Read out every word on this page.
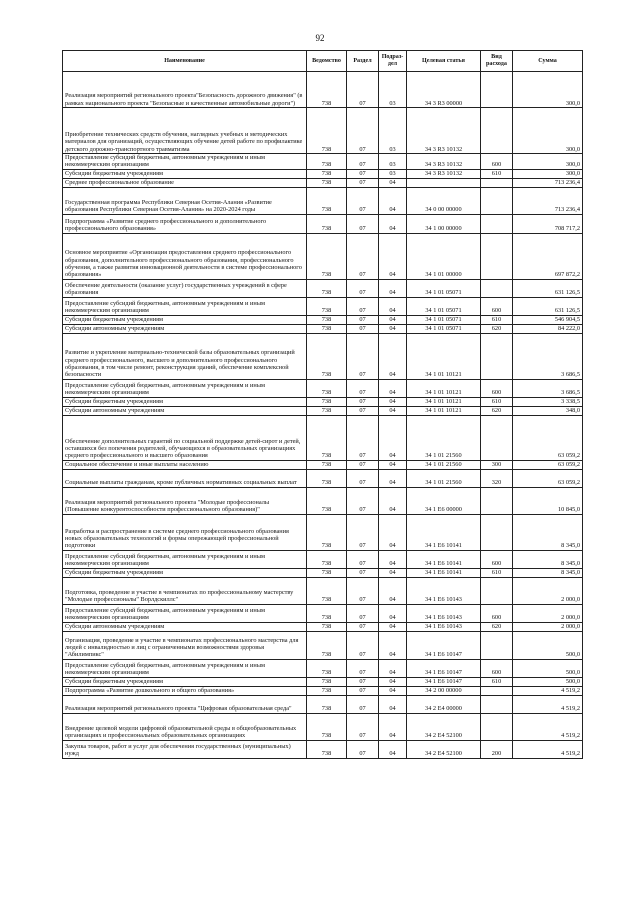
92
Наименование	Ведомство	Раздел	Подраз-дел	Целевая статья	Вид расхода	Сумма
Реализация мероприятий регионального проекта"Безопасность дорожного движения" (в рамках национального проекта "Безопасные и качественные автомобильные дороги")	738	07	03	34 3 R3 00000		300,0
Приобретение технических средств обучения, наглядных учебных и методических материалов для организаций, осуществляющих обучение детей работе по профилактике детского дорожно-транспортного травматизма	738	07	03	34 3 R3 10132		300,0
Предоставление субсидий бюджетным, автономным учреждениям и иным некоммерческим организациям	738	07	03	34 3 R3 10132	600	300,0
Субсидии бюджетным учреждениям	738	07	03	34 3 R3 10132	610	300,0
Среднее профессиональное образование	738	07	04			713 236,4
Государственная программа Республики Северная Осетия-Алания «Развитие образования Республики Северная Осетия-Алания» на 2020-2024 годы	738	07	04	34 0 00 00000		713 236,4
Подпрограмма «Развитие среднего профессионального и дополнительного профессионального образования»	738	07	04	34 1 00 00000		708 717,2
Основное мероприятие «Организация предоставления среднего профессионального образования, дополнительного профессионального образования, профессионального обучения, а также развития инновационной деятельности в системе профессионального образования»	738	07	04	34 1 01 00000		697 872,2
Обеспечение деятельности (оказание услуг) государственных учреждений в сфере образования	738	07	04	34 1 01 05071		631 126,5
Предоставление субсидий бюджетным, автономным учреждениям и иным некоммерческим организациям	738	07	04	34 1 01 05071	600	631 126,5
Субсидии бюджетным учреждениям	738	07	04	34 1 01 05071	610	546 904,5
Субсидии автономным учреждениям	738	07	04	34 1 01 05071	620	84 222,0
Развитие и укрепление материально-технической базы образовательных организаций среднего профессионального, высшего и дополнительного профессионального образования, в том числе ремонт, реконструкция зданий, обеспечение комплексной безопасности	738	07	04	34 1 01 10121		3 686,5
Предоставление субсидий бюджетным, автономным учреждениям и иным некоммерческим организациям	738	07	04	34 1 01 10121	600	3 686,5
Субсидии бюджетным учреждениям	738	07	04	34 1 01 10121	610	3 338,5
Субсидии автономным учреждениям	738	07	04	34 1 01 10121	620	348,0
Обеспечение дополнительных гарантий по социальной поддержке детей-сирот и детей, оставшихся без попечения родителей, обучающихся в образовательных организациях среднего профессионального и высшего образования	738	07	04	34 1 01 21560		63 059,2
Социальное обеспечение и иные выплаты населению	738	07	04	34 1 01 21560	300	63 059,2
Социальные выплаты гражданам, кроме публичных нормативных социальных выплат	738	07	04	34 1 01 21560	320	63 059,2
Реализация мероприятий регионального проекта "Молодые профессионалы (Повышение конкурентоспособности профессионального образования)"	738	07	04	34 1 E6 00000		10 845,0
Разработка и распространение в системе среднего профессионального образования новых образовательных технологий и формы опережающей профессиональной подготовки	738	07	04	34 1 E6 10141		8 345,0
Предоставление субсидий бюджетным, автономным учреждениям и иным некоммерческим организациям	738	07	04	34 1 E6 10141	600	8 345,0
Субсидии бюджетным учреждениям	738	07	04	34 1 E6 10141	610	8 345,0
Подготовка, проведение и участие в чемпионатах по профессиональному мастерству "Молодые профессионалы" Ворлдскиллс"	738	07	04	34 1 E6 10143		2 000,0
Предоставление субсидий бюджетным, автономным учреждениям и иным некоммерческим организациям	738	07	04	34 1 E6 10143	600	2 000,0
Субсидии автономным учреждениям	738	07	04	34 1 E6 10143	620	2 000,0
Организация, проведение и участие в чемпионатах профессионального мастерства для людей с инвалидностью и лиц с ограниченными возможностями здоровья "Абилимпикс"	738	07	04	34 1 E6 10147		500,0
Предоставление субсидий бюджетным, автономным учреждениям и иным некоммерческим организациям	738	07	04	34 1 E6 10147	600	500,0
Субсидии бюджетным учреждениям	738	07	04	34 1 E6 10147	610	500,0
Подпрограмма «Развитие дошкольного и общего образования»	738	07	04	34 2 00 00000		4 519,2
Реализация мероприятий регионального проекта "Цифровая образовательная среда"	738	07	04	34 2 E4 00000		4 519,2
Внедрение целевой модели цифровой образовательной среды в общеобразовательных организациях и профессиональных образовательных организациях	738	07	04	34 2 E4 52100		4 519,2
Закупка товаров, работ и услуг для обеспечения государственных (муниципальных) нужд	738	07	04	34 2 E4 52100	200	4 519,2
